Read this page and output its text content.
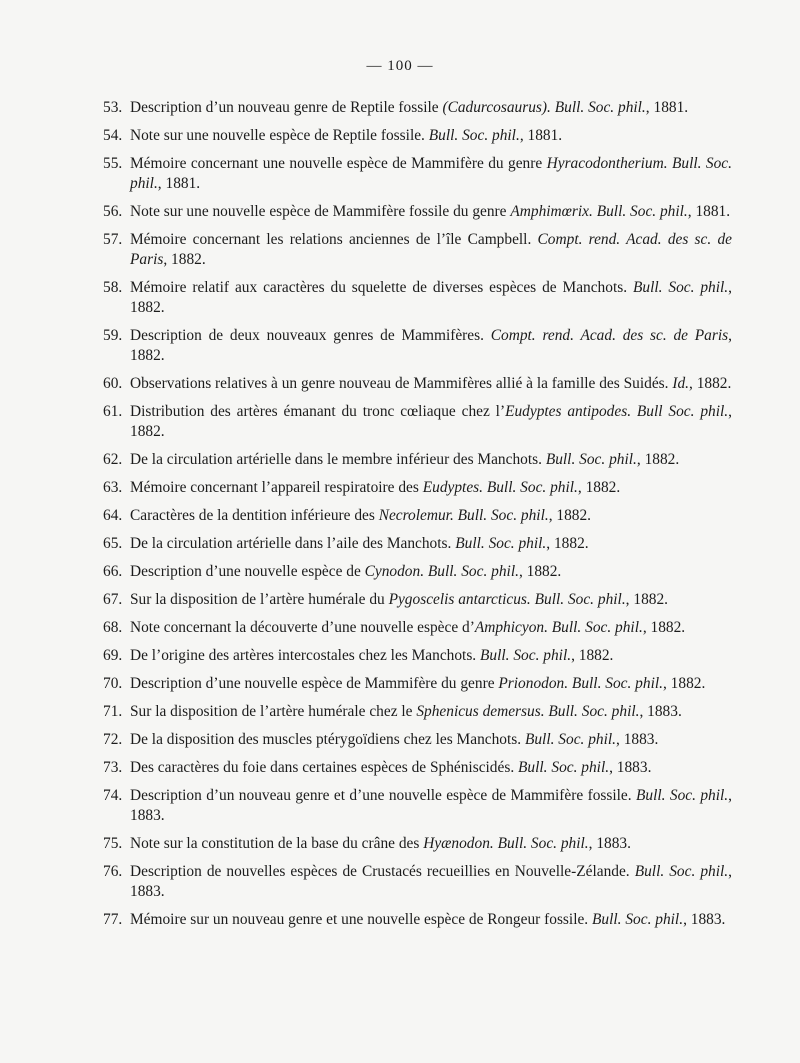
— 100 —
53. Description d’un nouveau genre de Reptile fossile (Cadurcosaurus). Bull. Soc. phil., 1881.
54. Note sur une nouvelle espèce de Reptile fossile. Bull. Soc. phil., 1881.
55. Mémoire concernant une nouvelle espèce de Mammifère du genre Hyracodontherium. Bull. Soc. phil., 1881.
56. Note sur une nouvelle espèce de Mammifère fossile du genre Amphimœrix. Bull. Soc. phil., 1881.
57. Mémoire concernant les relations anciennes de l’île Campbell. Compt. rend. Acad. des sc. de Paris, 1882.
58. Mémoire relatif aux caractères du squelette de diverses espèces de Manchots. Bull. Soc. phil., 1882.
59. Description de deux nouveaux genres de Mammifères. Compt. rend. Acad. des sc. de Paris, 1882.
60. Observations relatives à un genre nouveau de Mammifères allié à la famille des Suidés. Id., 1882.
61. Distribution des artères émanant du tronc cœliaque chez l’Eudyptes antipodes. Bull Soc. phil., 1882.
62. De la circulation artérielle dans le membre inférieur des Manchots. Bull. Soc. phil., 1882.
63. Mémoire concernant l’appareil respiratoire des Eudyptes. Bull. Soc. phil., 1882.
64. Caractères de la dentition inférieure des Necrolemur. Bull. Soc. phil., 1882.
65. De la circulation artérielle dans l’aile des Manchots. Bull. Soc. phil., 1882.
66. Description d’une nouvelle espèce de Cynodon. Bull. Soc. phil., 1882.
67. Sur la disposition de l’artère humérale du Pygoscelis antarcticus. Bull. Soc. phil., 1882.
68. Note concernant la découverte d’une nouvelle espèce d’Amphicyon. Bull. Soc. phil., 1882.
69. De l’origine des artères intercostales chez les Manchots. Bull. Soc. phil., 1882.
70. Description d’une nouvelle espèce de Mammifère du genre Prionodon. Bull. Soc. phil., 1882.
71. Sur la disposition de l’artère humérale chez le Sphenicus demersus. Bull. Soc. phil., 1883.
72. De la disposition des muscles ptérygoïdiens chez les Manchots. Bull. Soc. phil., 1883.
73. Des caractères du foie dans certaines espèces de Sphéniscidés. Bull. Soc. phil., 1883.
74. Description d’un nouveau genre et d’une nouvelle espèce de Mammifère fossile. Bull. Soc. phil., 1883.
75. Note sur la constitution de la base du crâne des Hyænodon. Bull. Soc. phil., 1883.
76. Description de nouvelles espèces de Crustacés recueillies en Nouvelle-Zélande. Bull. Soc. phil., 1883.
77. Mémoire sur un nouveau genre et une nouvelle espèce de Rongeur fossile. Bull. Soc. phil., 1883.
